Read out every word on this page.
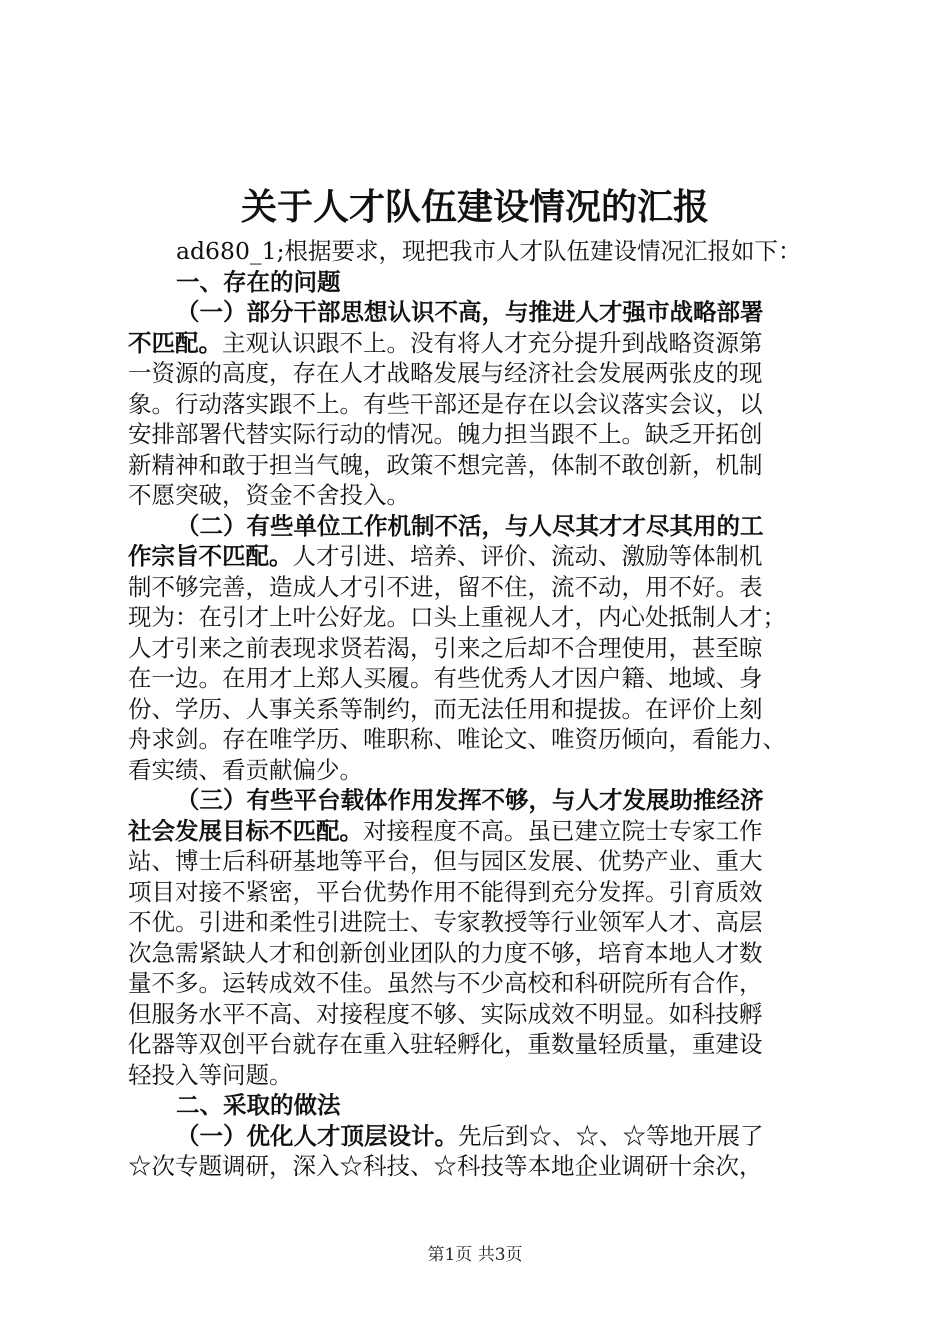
关于人才队伍建设情况的汇报
ad680_1;根据要求，现把我市人才队伍建设情况汇报如下：
一、存在的问题
（一）部分干部思想认识不高，与推进人才强市战略部署
不匹配。主观认识跟不上。没有将人才充分提升到战略资源第
一资源的高度，存在人才战略发展与经济社会发展两张皮的现
象。行动落实跟不上。有些干部还是存在以会议落实会议，以
安排部署代替实际行动的情况。魄力担当跟不上。缺乏开拓创
新精神和敢于担当气魄，政策不想完善，体制不敢创新，机制
不愿突破，资金不舍投入。
（二）有些单位工作机制不活，与人尽其才才尽其用的工
作宗旨不匹配。人才引进、培养、评价、流动、激励等体制机
制不够完善，造成人才引不进，留不住，流不动，用不好。表
现为：在引才上叶公好龙。口头上重视人才，内心处抵制人才；
人才引来之前表现求贤若渴，引来之后却不合理使用，甚至晾
在一边。在用才上郑人买履。有些优秀人才因户籍、地域、身
份、学历、人事关系等制约，而无法任用和提拔。在评价上刻
舟求剑。存在唯学历、唯职称、唯论文、唯资历倾向，看能力、
看实绩、看贡献偏少。
（三）有些平台载体作用发挥不够，与人才发展助推经济
社会发展目标不匹配。对接程度不高。虽已建立院士专家工作
站、博士后科研基地等平台，但与园区发展、优势产业、重大
项目对接不紧密，平台优势作用不能得到充分发挥。引育质效
不优。引进和柔性引进院士、专家教授等行业领军人才、高层
次急需紧缺人才和创新创业团队的力度不够，培育本地人才数
量不多。运转成效不佳。虽然与不少高校和科研院所有合作，
但服务水平不高、对接程度不够、实际成效不明显。如科技孵
化器等双创平台就存在重入驻轻孵化，重数量轻质量，重建设
轻投入等问题。
二、采取的做法
（一）优化人才顶层设计。先后到☆、☆、☆等地开展了
☆次专题调研，深入☆科技、☆科技等本地企业调研十余次，
第1页 共3页
